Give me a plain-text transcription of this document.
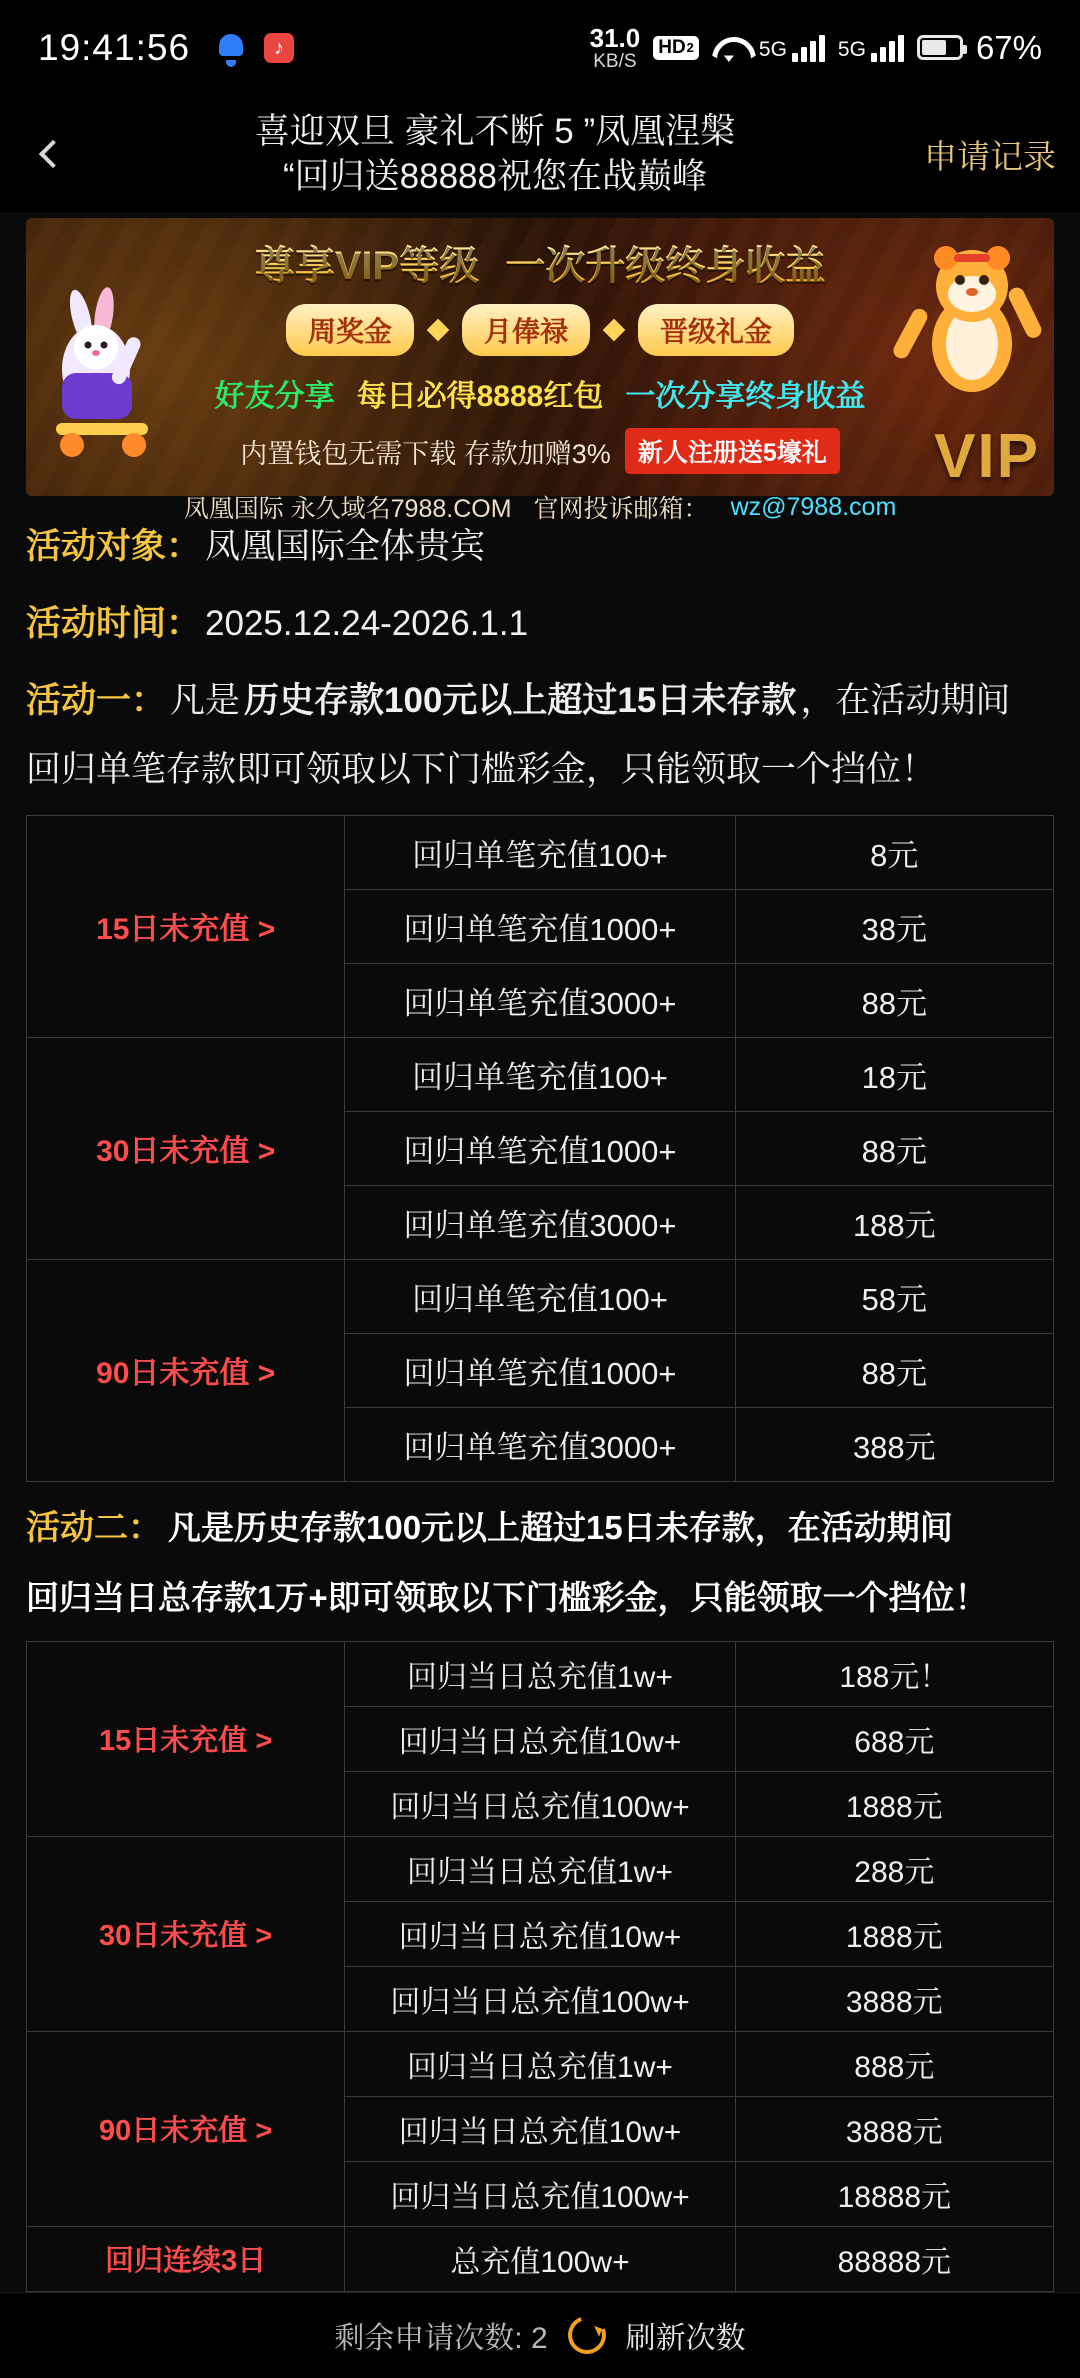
19:41:56	♪	31.0
KB/S
HD 2	5G 5G	67%
喜迎双旦 豪礼不断 5 ”凤凰涅槃
“回归送88888祝您在战巅峰
申请记录
VIP
尊享VIP等级 一次升级终身收益
周奖金	月俸禄	晋级礼金
好友分享 每日必得8888红包 一次分享终身收益
内置钱包无需下载 存款加赠3%	新人注册送5壕礼
凤凰国际 永久域名7988.COM 官网投诉邮箱： wz@7988.com
活动对象： 凤凰国际全体贵宾
活动时间： 2025.12.24-2026.1.1
活动一： 凡是 历史存款100元以上超过15日未存款 ，在活动期间
回归单笔存款即可领取以下门槛彩金，只能领取一个挡位！
15日未充值 >	回归单笔充值100+	8元
	回归单笔充值1000+	38元
	回归单笔充值3000+	88元
30日未充值 >	回归单笔充值100+	18元
	回归单笔充值1000+	88元
	回归单笔充值3000+	188元
90日未充值 >	回归单笔充值100+	58元
	回归单笔充值1000+	88元
	回归单笔充值3000+	388元
活动二： 凡是历史存款100元以上超过15日未存款，在活动期间
回归当日总存款1万+即可领取以下门槛彩金，只能领取一个挡位！
15日未充值 >	回归当日总充值1w+	188元！
	回归当日总充值10w+	688元
	回归当日总充值100w+	1888元
30日未充值 >	回归当日总充值1w+	288元
	回归当日总充值10w+	1888元
	回归当日总充值100w+	3888元
90日未充值 >	回归当日总充值1w+	888元
	回归当日总充值10w+	3888元
	回归当日总充值100w+	18888元
回归连续3日	总充值100w+	88888元
剩余申请次数: 2	刷新次数
